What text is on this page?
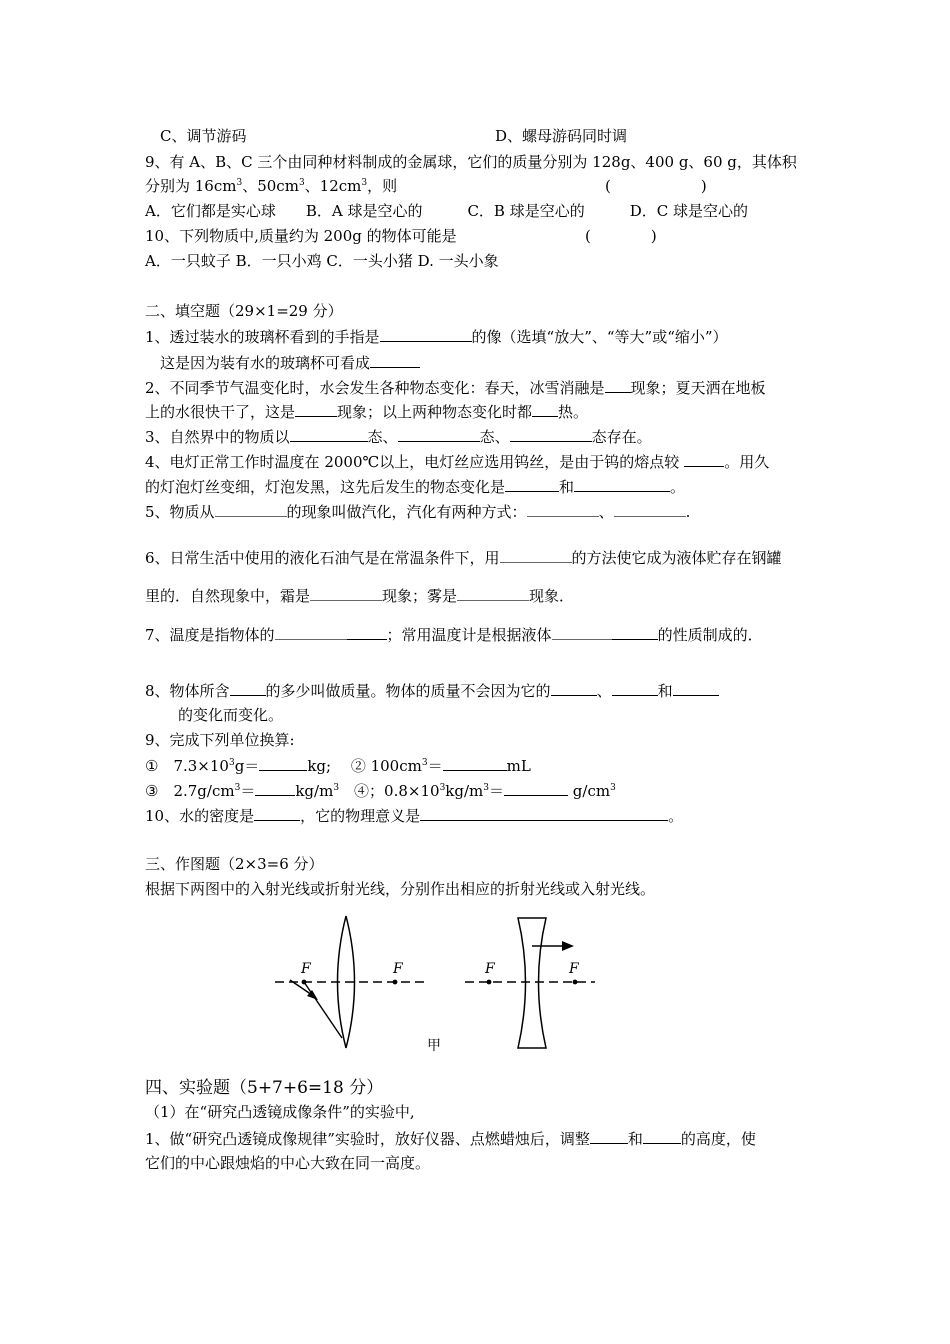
C、调节游码	D、螺母游码同时调
9、有 A、B、C 三个由同种材料制成的金属球，它们的质量分别为 128g、400 g、60 g，其体积
分别为 $16cm^3$、$50cm^3$、$12cm^3$，则	(　　　　　　)
A．它们都是实心球　　B．A 球是空心的　　　C．B 球是空心的　　　D．C 球是空心的
10、下列物质中,质量约为 200g 的物体可能是	(　　　　)
A．一只蚊子 B．一只小鸡 C．一头小猪 D. 一头小象
二、填空题（29×1=29 分）
1、透过装水的玻璃杯看到的手指是	的像（选填“放大”、“等大”或“缩小”）
这是因为装有水的玻璃杯可看成
2、不同季节气温变化时，水会发生各种物态变化：春天，冰雪消融是 现象；夏天洒在地板
上的水很快干了，这是	现象；以上两种物态变化时都 热。
3、自然界中的物质以	态、	态、	态存在。
4、电灯正常工作时温度在 2000℃以上，电灯丝应选用钨丝，是由于钨的熔点较	。用久
的灯泡灯丝变细，灯泡发黑，这先后发生的物态变化是	和	。
5、物质从	的现象叫做汽化，汽化有两种方式：	、	.
6、日常生活中使用的液化石油气是在常温条件下，用	的方法使它成为液体贮存在钢罐
里的．自然现象中，霜是	现象；雾是	现象．
7、温度是指物体的	；常用温度计是根据液体	的性质制成的．
8、物体所含 的多少叫做质量。物体的质量不会因为它的	、	和
的变化而变化。
9、完成下列单位换算:
①　$7.3\times 10^3g=$	kg;　 ② $100cm^3=$	mL
③　$2.7g/cm^3=$	$kg/m^3$　④；$0.8\times 10^3kg/m^3=$	$g/cm^3$
10、水的密度是	，它的物理意义是	。
三、作图题（2×3=6 分）
根据下两图中的入射光线或折射光线，分别作出相应的折射光线或入射光线。
F	F	F	F
甲
四、实验题（5+7+6=18 分）
（1）在“研究凸透镜成像条件”的实验中,
1、做“研究凸透镜成像规律”实验时，放好仪器、点燃蜡烛后，调整	和	的高度，使
它们的中心跟烛焰的中心大致在同一高度。
